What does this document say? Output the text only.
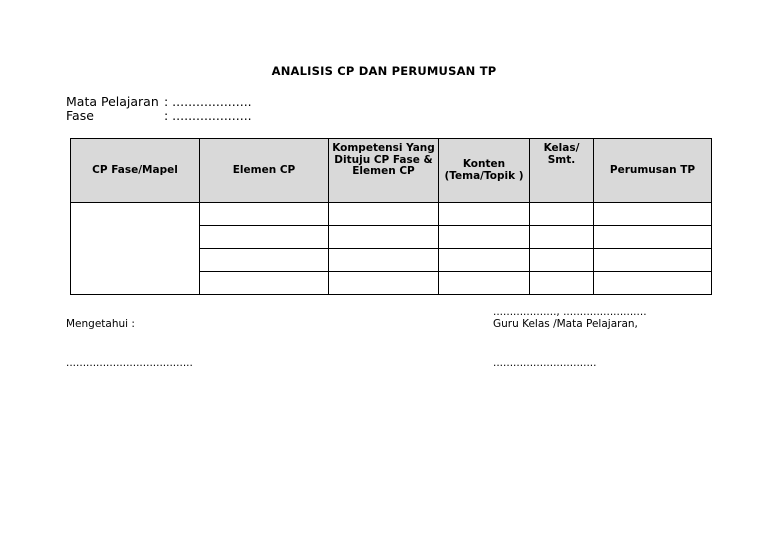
ANALISIS CP DAN PERUMUSAN TP
Mata Pelajaran : ....................
Fase	: ....................
CP Fase/Mapel	Elemen CP	Kompetensi Yang Dituju CP Fase & Elemen CP	Konten (Tema/Topik )	Kelas/ Smt.	Perumusan TP

Mengetahui :
......................................
..................., .........................
Guru Kelas /Mata Pelajaran,
...............................
